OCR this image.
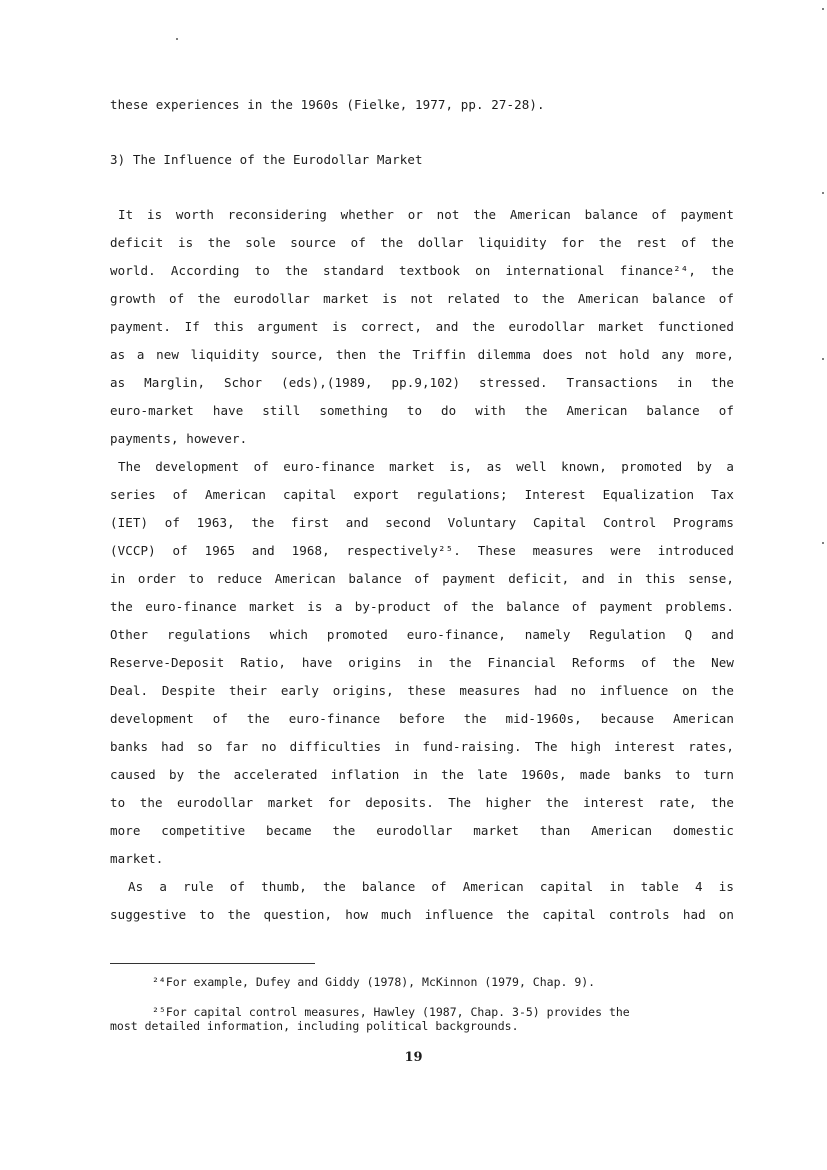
these experiences in the 1960s (Fielke, 1977, pp. 27-28).
3) The Influence of the Eurodollar Market
It is worth reconsidering whether or not the American balance of payment
deficit is the sole source of the dollar liquidity for the rest of the
world. According to the standard textbook on international finance²⁴, the
growth of the eurodollar market is not related to the American balance of
payment. If this argument is correct, and the eurodollar market functioned
as a new liquidity source, then the Triffin dilemma does not hold any more,
as Marglin, Schor (eds),(1989, pp.9,102) stressed. Transactions in the
euro-market have still something to do with the American balance of
payments, however.
The development of euro-finance market is, as well known, promoted by a
series of American capital export regulations; Interest Equalization Tax
(IET) of 1963, the first and second Voluntary Capital Control Programs
(VCCP) of 1965 and 1968, respectively²⁵. These measures were introduced
in order to reduce American balance of payment deficit, and in this sense,
the euro-finance market is a by-product of the balance of payment problems.
Other regulations which promoted euro-finance, namely Regulation Q and
Reserve-Deposit Ratio, have origins in the Financial Reforms of the New
Deal. Despite their early origins, these measures had no influence on the
development of the euro-finance before the mid-1960s, because American
banks had so far no difficulties in fund-raising. The high interest rates,
caused by the accelerated inflation in the late 1960s, made banks to turn
to the eurodollar market for deposits. The higher the interest rate, the
more competitive became the eurodollar market than American domestic
market.
As a rule of thumb, the balance of American capital in table 4 is
suggestive to the question, how much influence the capital controls had on
²⁴For example, Dufey and Giddy (1978), McKinnon (1979, Chap. 9).
²⁵For capital control measures, Hawley (1987, Chap. 3-5) provides the
most detailed information, including political backgrounds.
19
